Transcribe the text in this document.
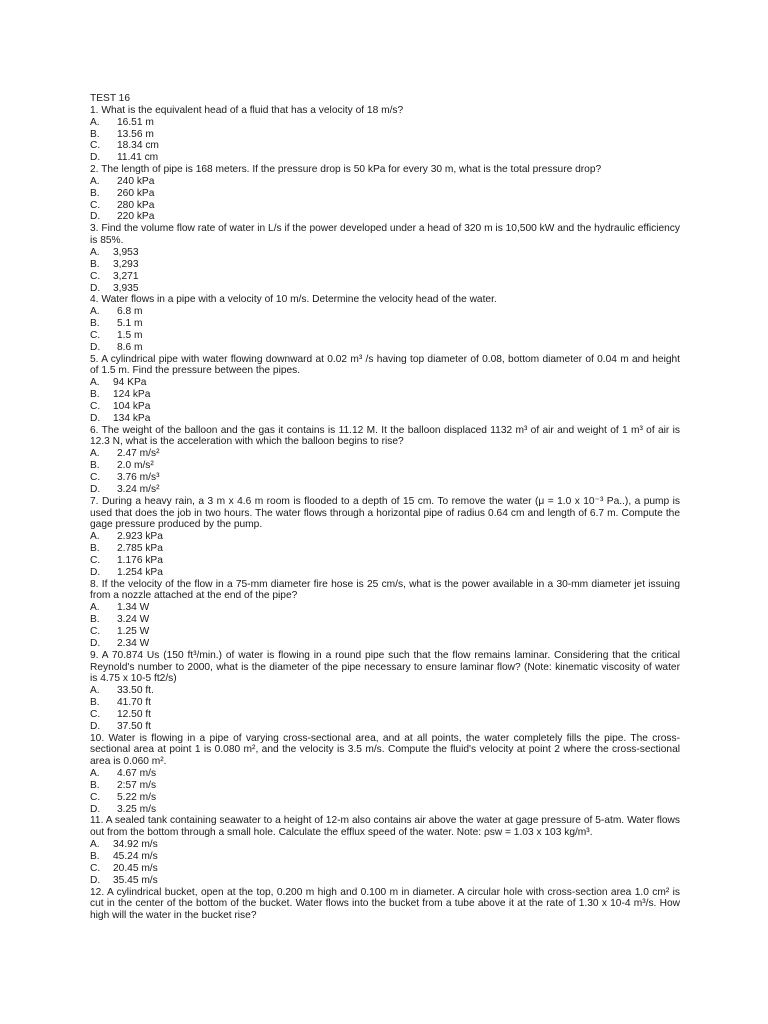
TEST 16
1. What is the equivalent head of a fluid that has a velocity of 18 m/s?
A.	16.51 m
B.	13.56 m
C.	18.34 cm
D.	11.41 cm
2. The length of pipe is 168 meters. If the pressure drop is 50 kPa for every 30 m, what is the total pressure drop?
A.	240 kPa
B.	260 kPa
C.	280 kPa
D.	220 kPa
3. Find the volume flow rate of water in L/s if the power developed under a head of 320 m is 10,500 kW and the hydraulic efficiency is 85%.
A.	3,953
B.	3,293
C.	3,271
D.	3,935
4. Water flows in a pipe with a velocity of 10 m/s. Determine the velocity head of the water.
A.	6.8 m
B.	5.1 m
C.	1.5 m
D.	8.6 m
5. A cylindrical pipe with water flowing downward at 0.02 m³ /s having top diameter of 0.08, bottom diameter of 0.04 m and height of 1.5 m. Find the pressure between the pipes.
A.	94 KPa
B.	124 kPa
C.	104 kPa
D.	134 kPa
6. The weight of the balloon and the gas it contains is 11.12 M. It the balloon displaced 1132 m³ of air and weight of 1 m³ of air is 12.3 N, what is the acceleration with which the balloon begins to rise?
A.	2.47 m/s²
B.	2.0 m/s²
C.	3.76 m/s³
D.	3.24 m/s²
7. During a heavy rain, a 3 m x 4.6 m room is flooded to a depth of 15 cm. To remove the water (μ = 1.0 x 10⁻³ Pa..), a pump is used that does the job in two hours. The water flows through a horizontal pipe of radius 0.64 cm and length of 6.7 m. Compute the gage pressure produced by the pump.
A.	2.923 kPa
B.	2.785 kPa
C.	1.176 kPa
D.	1.254 kPa
8. If the velocity of the flow in a 75-mm diameter fire hose is 25 cm/s, what is the power available in a 30-mm diameter jet issuing from a nozzle attached at the end of the pipe?
A.	1.34 W
B.	3.24 W
C.	1.25 W
D.	2.34 W
9. A 70.874 Us (150 ft³/min.) of water is flowing in a round pipe such that the flow remains laminar. Considering that the critical Reynold's number to 2000, what is the diameter of the pipe necessary to ensure laminar flow? (Note: kinematic viscosity of water is 4.75 x 10-5 ft2/s)
A.	33.50 ft.
B.	41.70 ft
C.	12.50 ft
D.	37.50 ft
10. Water is flowing in a pipe of varying cross-sectional area, and at all points, the water completely fills the pipe. The cross-sectional area at point 1 is 0.080 m², and the velocity is 3.5 m/s. Compute the fluid's velocity at point 2 where the cross-sectional area is 0.060 m².
A.	4.67 m/s
B.	2:57 m/s
C.	5.22 m/s
D.	3.25 m/s
11. A sealed tank containing seawater to a height of 12-m also contains air above the water at gage pressure of 5-atm. Water flows out from the bottom through a small hole. Calculate the efflux speed of the water. Note: ρsw = 1.03 x 103 kg/m³.
A.	34.92 m/s
B.	45.24 m/s
C.	20.45 m/s
D.	35.45 m/s
12. A cylindrical bucket, open at the top, 0.200 m high and 0.100 m in diameter. A circular hole with cross-section area 1.0 cm² is cut in the center of the bottom of the bucket. Water flows into the bucket from a tube above it at the rate of 1.30 x 10-4 m³/s. How high will the water in the bucket rise?
